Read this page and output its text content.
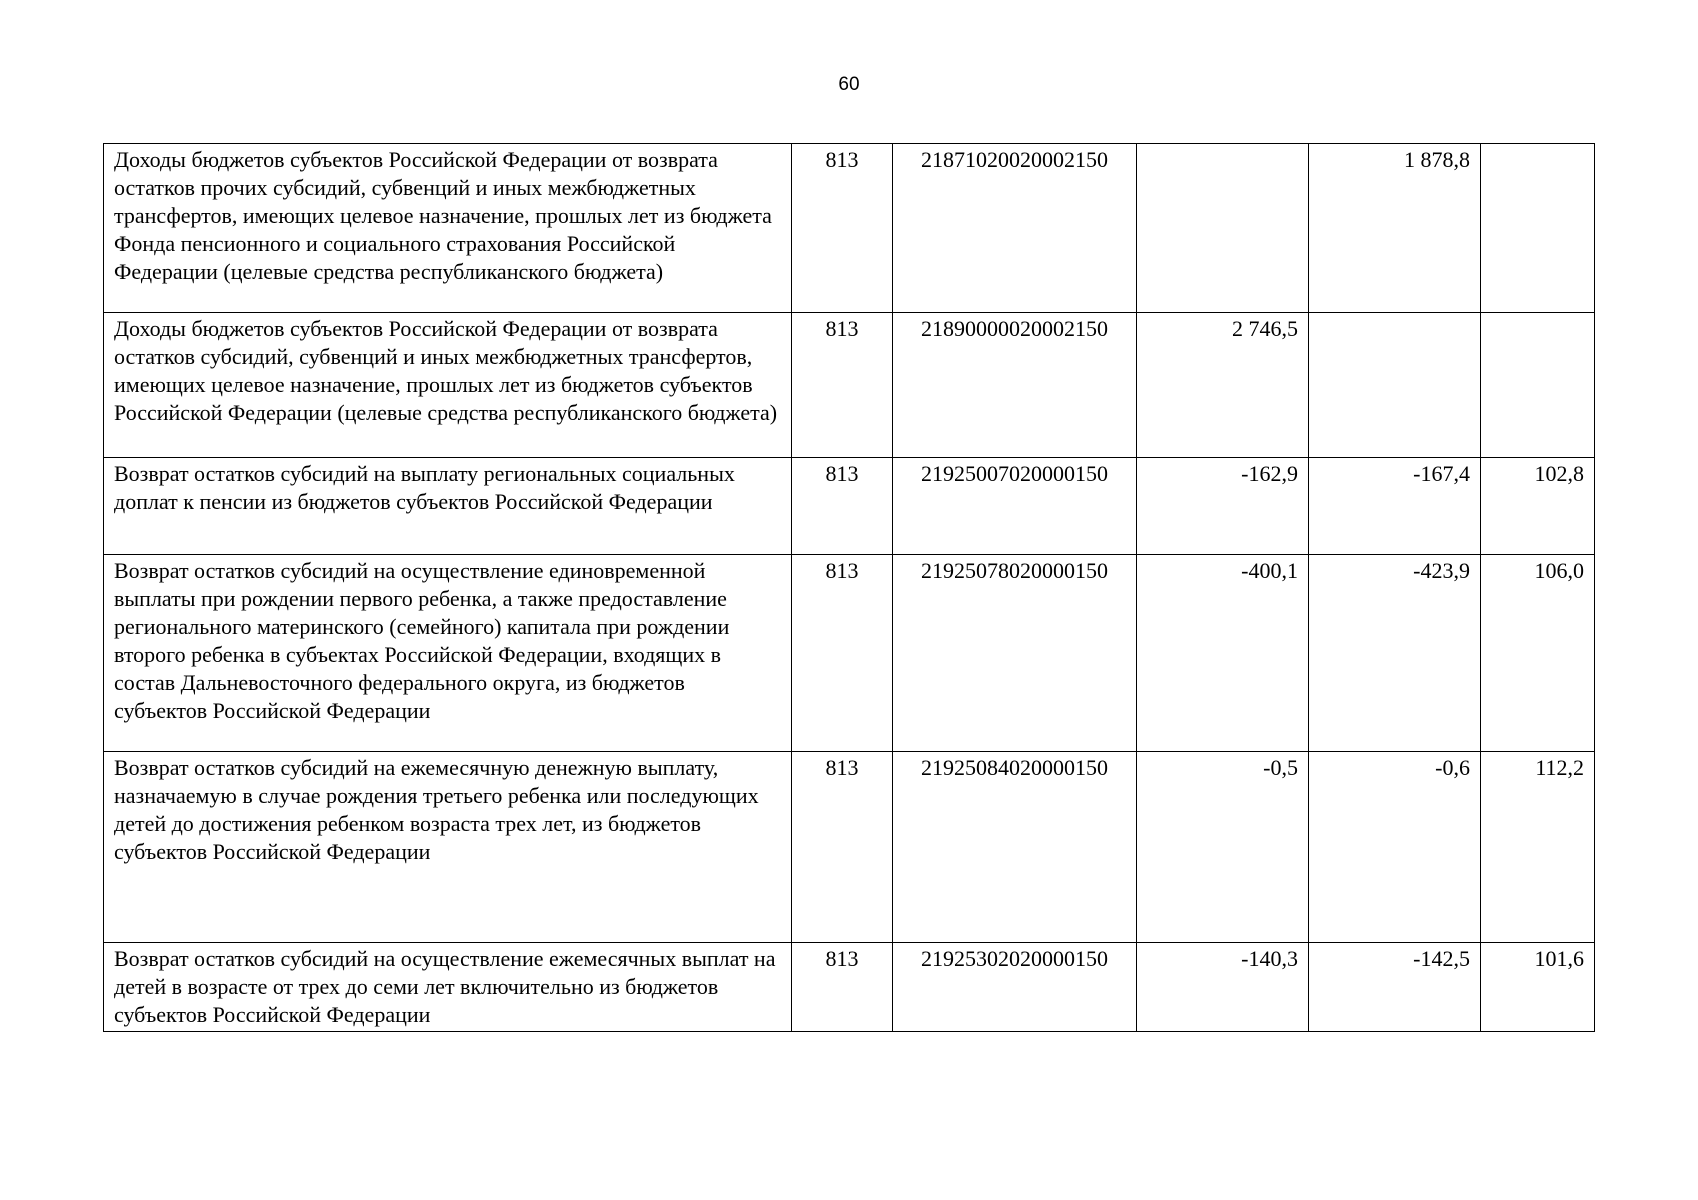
60
Доходы бюджетов субъектов Российской Федерации от возврата остатков прочих субсидий, субвенций и иных межбюджетных трансфертов, имеющих целевое назначение, прошлых лет из бюджета Фонда пенсионного и социального страхования Российской Федерации (целевые средства республиканского бюджета)	813	21871020020002150		1 878,8	
Доходы бюджетов субъектов Российской Федерации от возврата остатков субсидий, субвенций и иных межбюджетных трансфертов, имеющих целевое назначение, прошлых лет из бюджетов субъектов Российской Федерации (целевые средства республиканского бюджета)	813	21890000020002150	2 746,5		
Возврат остатков субсидий на выплату региональных социальных доплат к пенсии из бюджетов субъектов Российской Федерации	813	21925007020000150	-162,9	-167,4	102,8
Возврат остатков субсидий на осуществление единовременной выплаты при рождении первого ребенка, а также предоставление регионального материнского (семейного) капитала при рождении второго ребенка в субъектах Российской Федерации, входящих в состав Дальневосточного федерального округа, из бюджетов субъектов Российской Федерации	813	21925078020000150	-400,1	-423,9	106,0
Возврат остатков субсидий на ежемесячную денежную выплату, назначаемую в случае рождения третьего ребенка или последующих детей до достижения ребенком возраста трех лет, из бюджетов субъектов Российской Федерации	813	21925084020000150	-0,5	-0,6	112,2
Возврат остатков субсидий на осуществление ежемесячных выплат на детей в возрасте от трех до семи лет включительно из бюджетов субъектов Российской Федерации	813	21925302020000150	-140,3	-142,5	101,6
